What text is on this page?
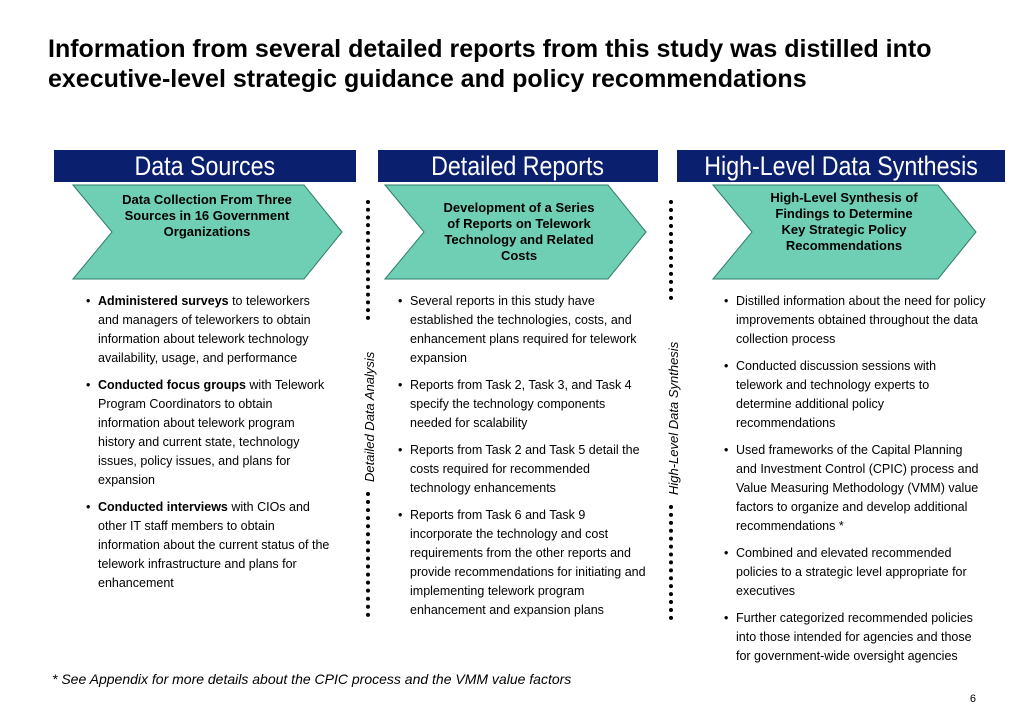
Information from several detailed reports from this study was distilled into executive-level strategic guidance and policy recommendations
Data Sources	Detailed Reports	High-Level Data Synthesis
Data Collection From Three Sources in 16 Government Organizations
Development of a Series of Reports on Telework Technology and Related Costs
High-Level Synthesis of Findings to Determine Key Strategic Policy Recommendations
• Administered surveys to teleworkers and managers of teleworkers to obtain information about telework technology availability, usage, and performance
• Conducted focus groups with Telework Program Coordinators to obtain information about telework program history and current state, technology issues, policy issues, and plans for expansion
• Conducted interviews with CIOs and other IT staff members to obtain information about the current status of the telework infrastructure and plans for enhancement
Detailed Data Analysis
• Several reports in this study have established the technologies, costs, and enhancement plans required for telework expansion
• Reports from Task 2, Task 3, and Task 4 specify the technology components needed for scalability
• Reports from Task 2 and Task 5 detail the costs required for recommended technology enhancements
• Reports from Task 6 and Task 9 incorporate the technology and cost requirements from the other reports and provide recommendations for initiating and implementing telework program enhancement and expansion plans
High-Level Data Synthesis
• Distilled information about the need for policy improvements obtained throughout the data collection process
• Conducted discussion sessions with telework and technology experts to determine additional policy recommendations
• Used frameworks of the Capital Planning and Investment Control (CPIC) process and Value Measuring Methodology (VMM) value factors to organize and develop additional recommendations *
• Combined and elevated recommended policies to a strategic level appropriate for executives
• Further categorized recommended policies into those intended for agencies and those for government-wide oversight agencies
* See Appendix for more details about the CPIC process and the VMM value factors
6
